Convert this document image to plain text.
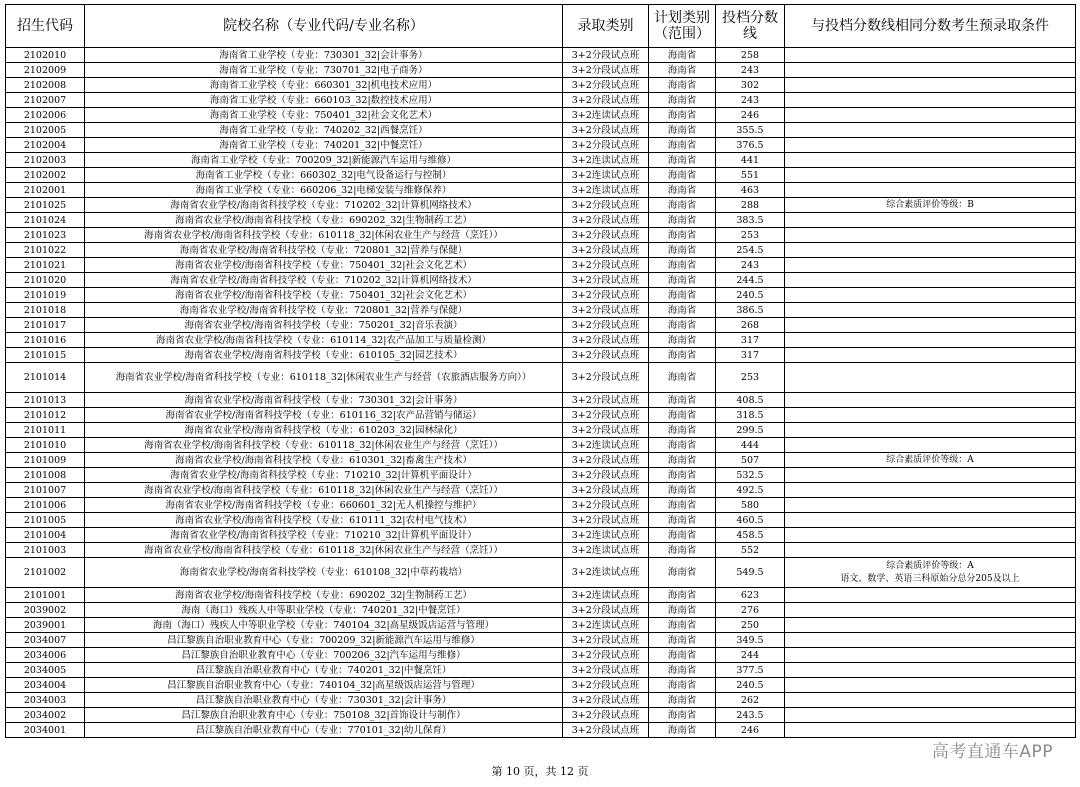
招生代码	院校名称（专业代码/专业名称）	录取类别	计划类别（范围）	投档分数线	与投档分数线相同分数考生预录取条件
2102010	海南省工业学校（专业：730301_32|会计事务）	3+2分段试点班	海南省	258	
2102009	海南省工业学校（专业：730701_32|电子商务）	3+2分段试点班	海南省	243	
2102008	海南省工业学校（专业：660301_32|机电技术应用）	3+2分段试点班	海南省	302	
2102007	海南省工业学校（专业：660103_32|数控技术应用）	3+2分段试点班	海南省	243	
2102006	海南省工业学校（专业：750401_32|社会文化艺术）	3+2连读试点班	海南省	246	
2102005	海南省工业学校（专业：740202_32|西餐烹饪）	3+2分段试点班	海南省	355.5	
2102004	海南省工业学校（专业：740201_32|中餐烹饪）	3+2分段试点班	海南省	376.5	
2102003	海南省工业学校（专业：700209_32|新能源汽车运用与维修）	3+2连读试点班	海南省	441	
2102002	海南省工业学校（专业：660302_32|电气设备运行与控制）	3+2连读试点班	海南省	551	
2102001	海南省工业学校（专业：660206_32|电梯安装与维修保养）	3+2连读试点班	海南省	463	
2101025	海南省农业学校/海南省科技学校（专业：710202_32|计算机网络技术）	3+2分段试点班	海南省	288	综合素质评价等级：B
2101024	海南省农业学校/海南省科技学校（专业：690202_32|生物制药工艺）	3+2分段试点班	海南省	383.5	
2101023	海南省农业学校/海南省科技学校（专业：610118_32|休闲农业生产与经营（烹饪））	3+2分段试点班	海南省	253	
2101022	海南省农业学校/海南省科技学校（专业：720801_32|营养与保健）	3+2分段试点班	海南省	254.5	
2101021	海南省农业学校/海南省科技学校（专业：750401_32|社会文化艺术）	3+2分段试点班	海南省	243	
2101020	海南省农业学校/海南省科技学校（专业：710202_32|计算机网络技术）	3+2分段试点班	海南省	244.5	
2101019	海南省农业学校/海南省科技学校（专业：750401_32|社会文化艺术）	3+2分段试点班	海南省	240.5	
2101018	海南省农业学校/海南省科技学校（专业：720801_32|营养与保健）	3+2分段试点班	海南省	386.5	
2101017	海南省农业学校/海南省科技学校（专业：750201_32|音乐表演）	3+2分段试点班	海南省	268	
2101016	海南省农业学校/海南省科技学校（专业：610114_32|农产品加工与质量检测）	3+2分段试点班	海南省	317	
2101015	海南省农业学校/海南省科技学校（专业：610105_32|园艺技术）	3+2分段试点班	海南省	317	
2101014	海南省农业学校/海南省科技学校（专业：610118_32|休闲农业生产与经营（农旅酒店服务方向））	3+2分段试点班	海南省	253	
2101013	海南省农业学校/海南省科技学校（专业：730301_32|会计事务）	3+2分段试点班	海南省	408.5	
2101012	海南省农业学校/海南省科技学校（专业：610116_32|农产品营销与储运）	3+2分段试点班	海南省	318.5	
2101011	海南省农业学校/海南省科技学校（专业：610203_32|园林绿化）	3+2分段试点班	海南省	299.5	
2101010	海南省农业学校/海南省科技学校（专业：610118_32|休闲农业生产与经营（烹饪））	3+2连读试点班	海南省	444	
2101009	海南省农业学校/海南省科技学校（专业：610301_32|畜禽生产技术）	3+2分段试点班	海南省	507	综合素质评价等级：A
2101008	海南省农业学校/海南省科技学校（专业：710210_32|计算机平面设计）	3+2分段试点班	海南省	532.5	
2101007	海南省农业学校/海南省科技学校（专业：610118_32|休闲农业生产与经营（烹饪））	3+2分段试点班	海南省	492.5	
2101006	海南省农业学校/海南省科技学校（专业：660601_32|无人机操控与维护）	3+2分段试点班	海南省	580	
2101005	海南省农业学校/海南省科技学校（专业：610111_32|农村电气技术）	3+2分段试点班	海南省	460.5	
2101004	海南省农业学校/海南省科技学校（专业：710210_32|计算机平面设计）	3+2连读试点班	海南省	458.5	
2101003	海南省农业学校/海南省科技学校（专业：610118_32|休闲农业生产与经营（烹饪））	3+2连读试点班	海南省	552	
2101002	海南省农业学校/海南省科技学校（专业：610108_32|中草药栽培）	3+2连读试点班	海南省	549.5	综合素质评价等级：A
语文、数学、英语三科原始分总分205及以上
2101001	海南省农业学校/海南省科技学校（专业：690202_32|生物制药工艺）	3+2连读试点班	海南省	623	
2039002	海南（海口）残疾人中等职业学校（专业：740201_32|中餐烹饪）	3+2分段试点班	海南省	276	
2039001	海南（海口）残疾人中等职业学校（专业：740104_32|高星级饭店运营与管理）	3+2连读试点班	海南省	250	
2034007	昌江黎族自治职业教育中心（专业：700209_32|新能源汽车运用与维修）	3+2分段试点班	海南省	349.5	
2034006	昌江黎族自治职业教育中心（专业：700206_32|汽车运用与维修）	3+2分段试点班	海南省	244	
2034005	昌江黎族自治职业教育中心（专业：740201_32|中餐烹饪）	3+2分段试点班	海南省	377.5	
2034004	昌江黎族自治职业教育中心（专业：740104_32|高星级饭店运营与管理）	3+2分段试点班	海南省	240.5	
2034003	昌江黎族自治职业教育中心（专业：730301_32|会计事务）	3+2分段试点班	海南省	262	
2034002	昌江黎族自治职业教育中心（专业：750108_32|首饰设计与制作）	3+2分段试点班	海南省	243.5	
2034001	昌江黎族自治职业教育中心（专业：770101_32|幼儿保育）	3+2分段试点班	海南省	246	
第 10 页，共 12 页
高考直通车APP
